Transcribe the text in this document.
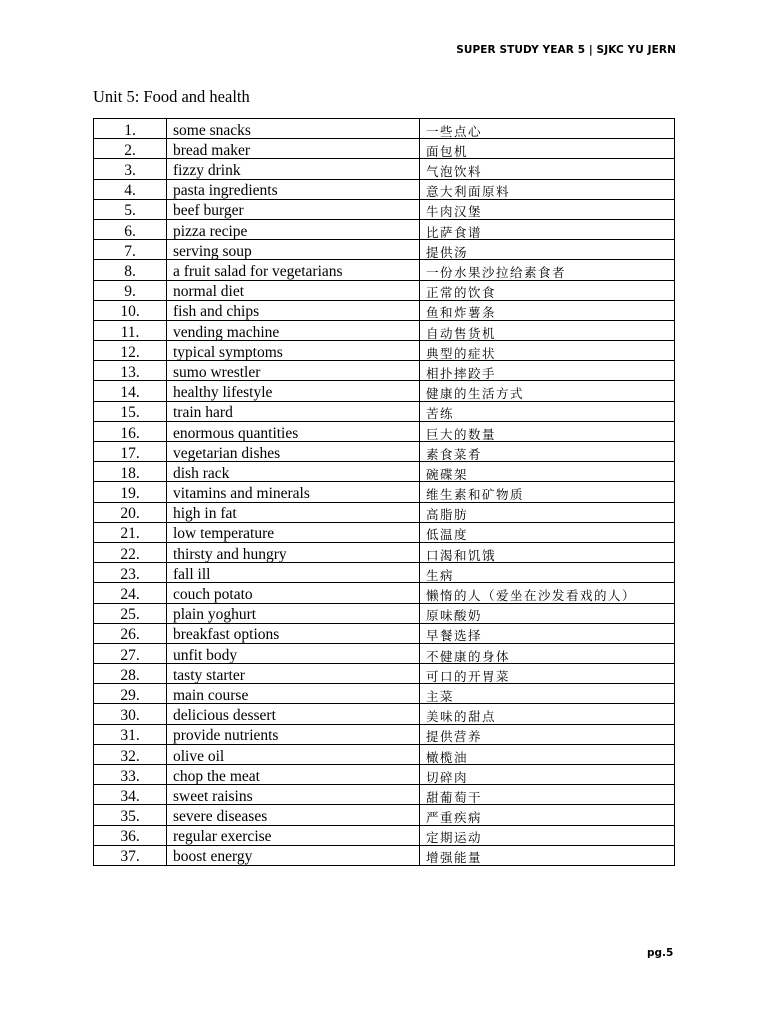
SUPER STUDY YEAR 5 | SJKC YU JERN
Unit 5: Food and health
1.	some snacks	一些点心
2.	bread maker	面包机
3.	fizzy drink	气泡饮料
4.	pasta ingredients	意大利面原料
5.	beef burger	牛肉汉堡
6.	pizza recipe	比萨食谱
7.	serving soup	提供汤
8.	a fruit salad for vegetarians	一份水果沙拉给素食者
9.	normal diet	正常的饮食
10.	fish and chips	鱼和炸薯条
11.	vending machine	自动售货机
12.	typical symptoms	典型的症状
13.	sumo wrestler	相扑摔跤手
14.	healthy lifestyle	健康的生活方式
15.	train hard	苦练
16.	enormous quantities	巨大的数量
17.	vegetarian dishes	素食菜肴
18.	dish rack	碗碟架
19.	vitamins and minerals	维生素和矿物质
20.	high in fat	高脂肪
21.	low temperature	低温度
22.	thirsty and hungry	口渴和饥饿
23.	fall ill	生病
24.	couch potato	懒惰的人（爱坐在沙发看戏的人）
25.	plain yoghurt	原味酸奶
26.	breakfast options	早餐选择
27.	unfit body	不健康的身体
28.	tasty starter	可口的开胃菜
29.	main course	主菜
30.	delicious dessert	美味的甜点
31.	provide nutrients	提供营养
32.	olive oil	橄榄油
33.	chop the meat	切碎肉
34.	sweet raisins	甜葡萄干
35.	severe diseases	严重疾病
36.	regular exercise	定期运动
37.	boost energy	增强能量
pg.5
